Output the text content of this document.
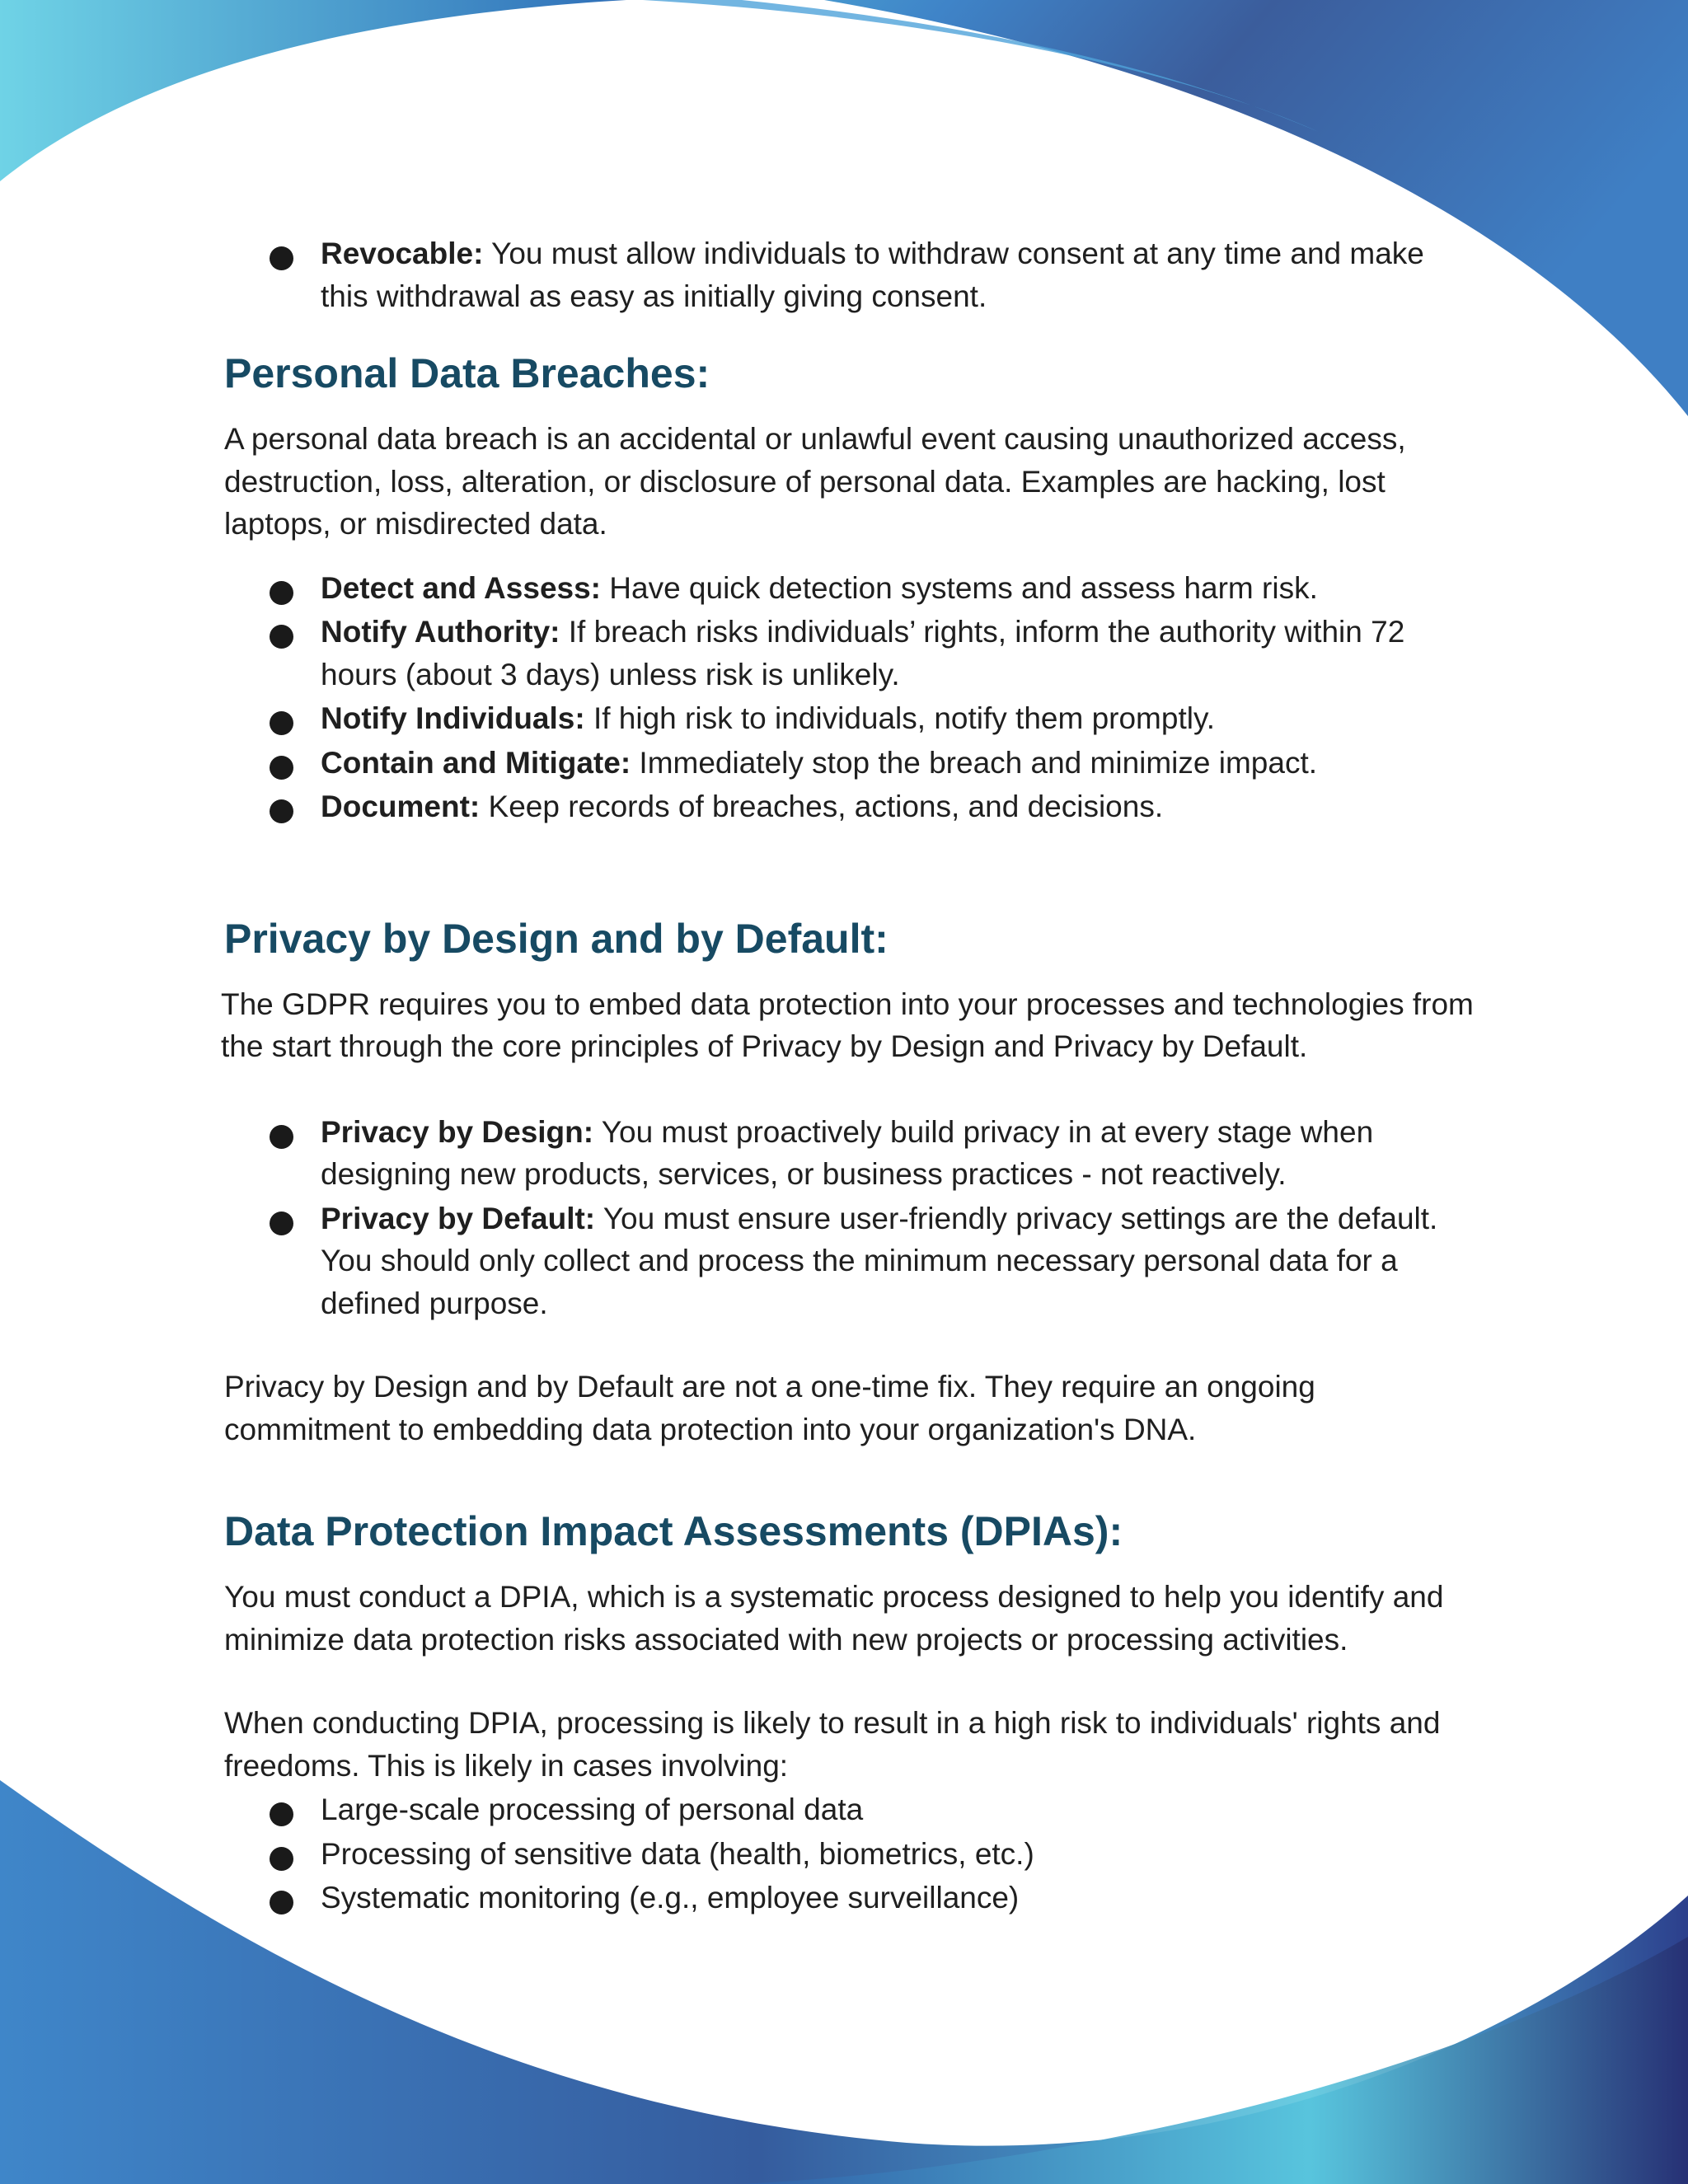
Revocable: You must allow individuals to withdraw consent at any time and make this withdrawal as easy as initially giving consent.
Personal Data Breaches:

A personal data breach is an accidental or unlawful event causing unauthorized access, destruction, loss, alteration, or disclosure of personal data. Examples are hacking, lost laptops, or misdirected data.

Detect and Assess: Have quick detection systems and assess harm risk.
Notify Authority: If breach risks individuals’ rights, inform the authority within 72 hours (about 3 days) unless risk is unlikely.
Notify Individuals: If high risk to individuals, notify them promptly.
Contain and Mitigate: Immediately stop the breach and minimize impact.
Document: Keep records of breaches, actions, and decisions.
Privacy by Design and by Default:

The GDPR requires you to embed data protection into your processes and technologies from the start through the core principles of Privacy by Design and Privacy by Default.

Privacy by Design: You must proactively build privacy in at every stage when designing new products, services, or business practices - not reactively.
Privacy by Default: You must ensure user-friendly privacy settings are the default. You should only collect and process the minimum necessary personal data for a defined purpose.

Privacy by Design and by Default are not a one-time fix. They require an ongoing commitment to embedding data protection into your organization's DNA.

Data Protection Impact Assessments (DPIAs):

You must conduct a DPIA, which is a systematic process designed to help you identify and minimize data protection risks associated with new projects or processing activities.

When conducting DPIA, processing is likely to result in a high risk to individuals' rights and freedoms. This is likely in cases involving:

Large-scale processing of personal data
Processing of sensitive data (health, biometrics, etc.)
Systematic monitoring (e.g., employee surveillance)
